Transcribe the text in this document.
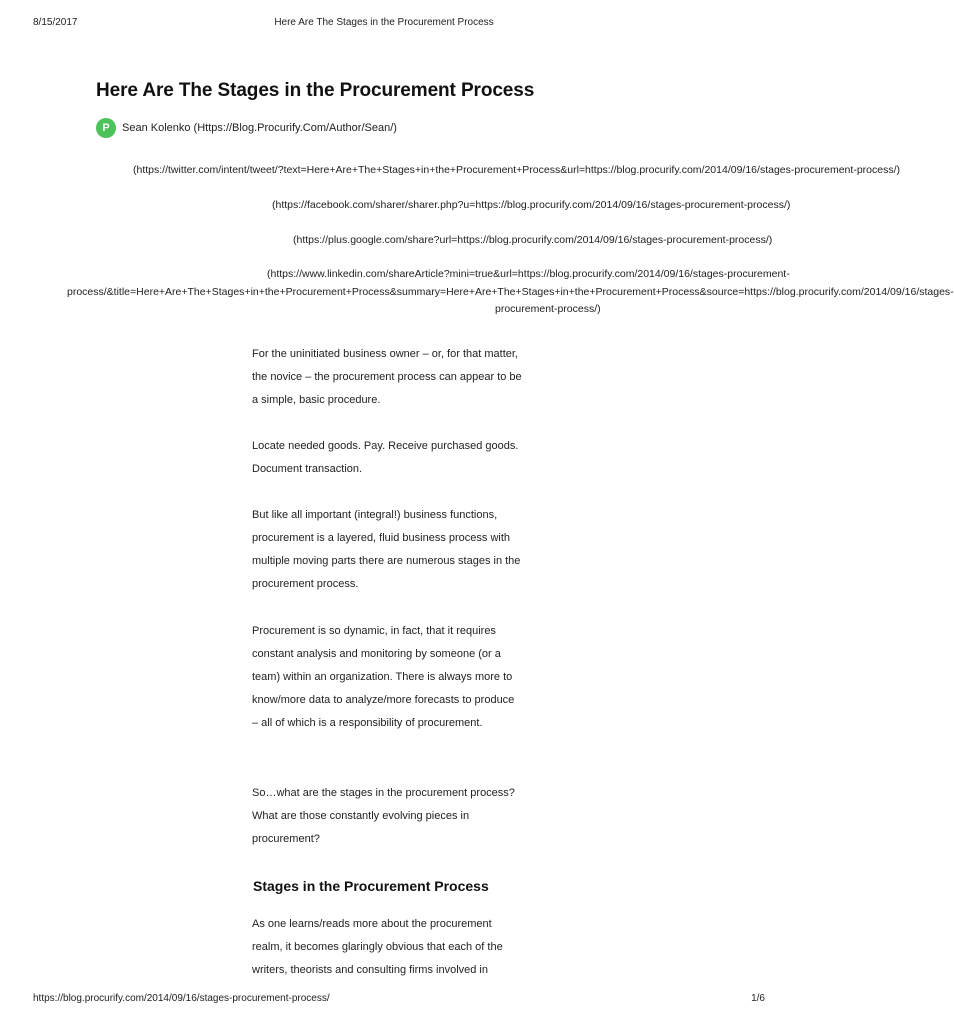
8/15/2017	Here Are The Stages in the Procurement Process
Here Are The Stages in the Procurement Process
P	Sean Kolenko (Https://Blog.Procurify.Com/Author/Sean/)
(https://twitter.com/intent/tweet/?text=Here+Are+The+Stages+in+the+Procurement+Process&url=https://blog.procurify.com/2014/09/16/stages-procurement-process/)
(https://facebook.com/sharer/sharer.php?u=https://blog.procurify.com/2014/09/16/stages-procurement-process/)
(https://plus.google.com/share?url=https://blog.procurify.com/2014/09/16/stages-procurement-process/)
(https://www.linkedin.com/shareArticle?mini=true&url=https://blog.procurify.com/2014/09/16/stages-procurement-
process/&title=Here+Are+The+Stages+in+the+Procurement+Process&summary=Here+Are+The+Stages+in+the+Procurement+Process&source=https://blog.procurify.com/2014/09/16/stages-
procurement-process/)

For the uninitiated business owner – or, for that matter, the novice – the procurement process can appear to be a simple, basic procedure.

Locate needed goods. Pay. Receive purchased goods. Document transaction.

But like all important (integral!) business functions, procurement is a layered, fluid business process with multiple moving parts there are numerous stages in the procurement process.

Procurement is so dynamic, in fact, that it requires constant analysis and monitoring by someone (or a team) within an organization. There is always more to know/more data to analyze/more forecasts to produce – all of which is a responsibility of procurement.

So…what are the stages in the procurement process? What are those constantly evolving pieces in procurement?

Stages in the Procurement Process

As one learns/reads more about the procurement realm, it becomes glaringly obvious that each of the writers, theorists and consulting firms involved in

https://blog.procurify.com/2014/09/16/stages-procurement-process/	1/6
